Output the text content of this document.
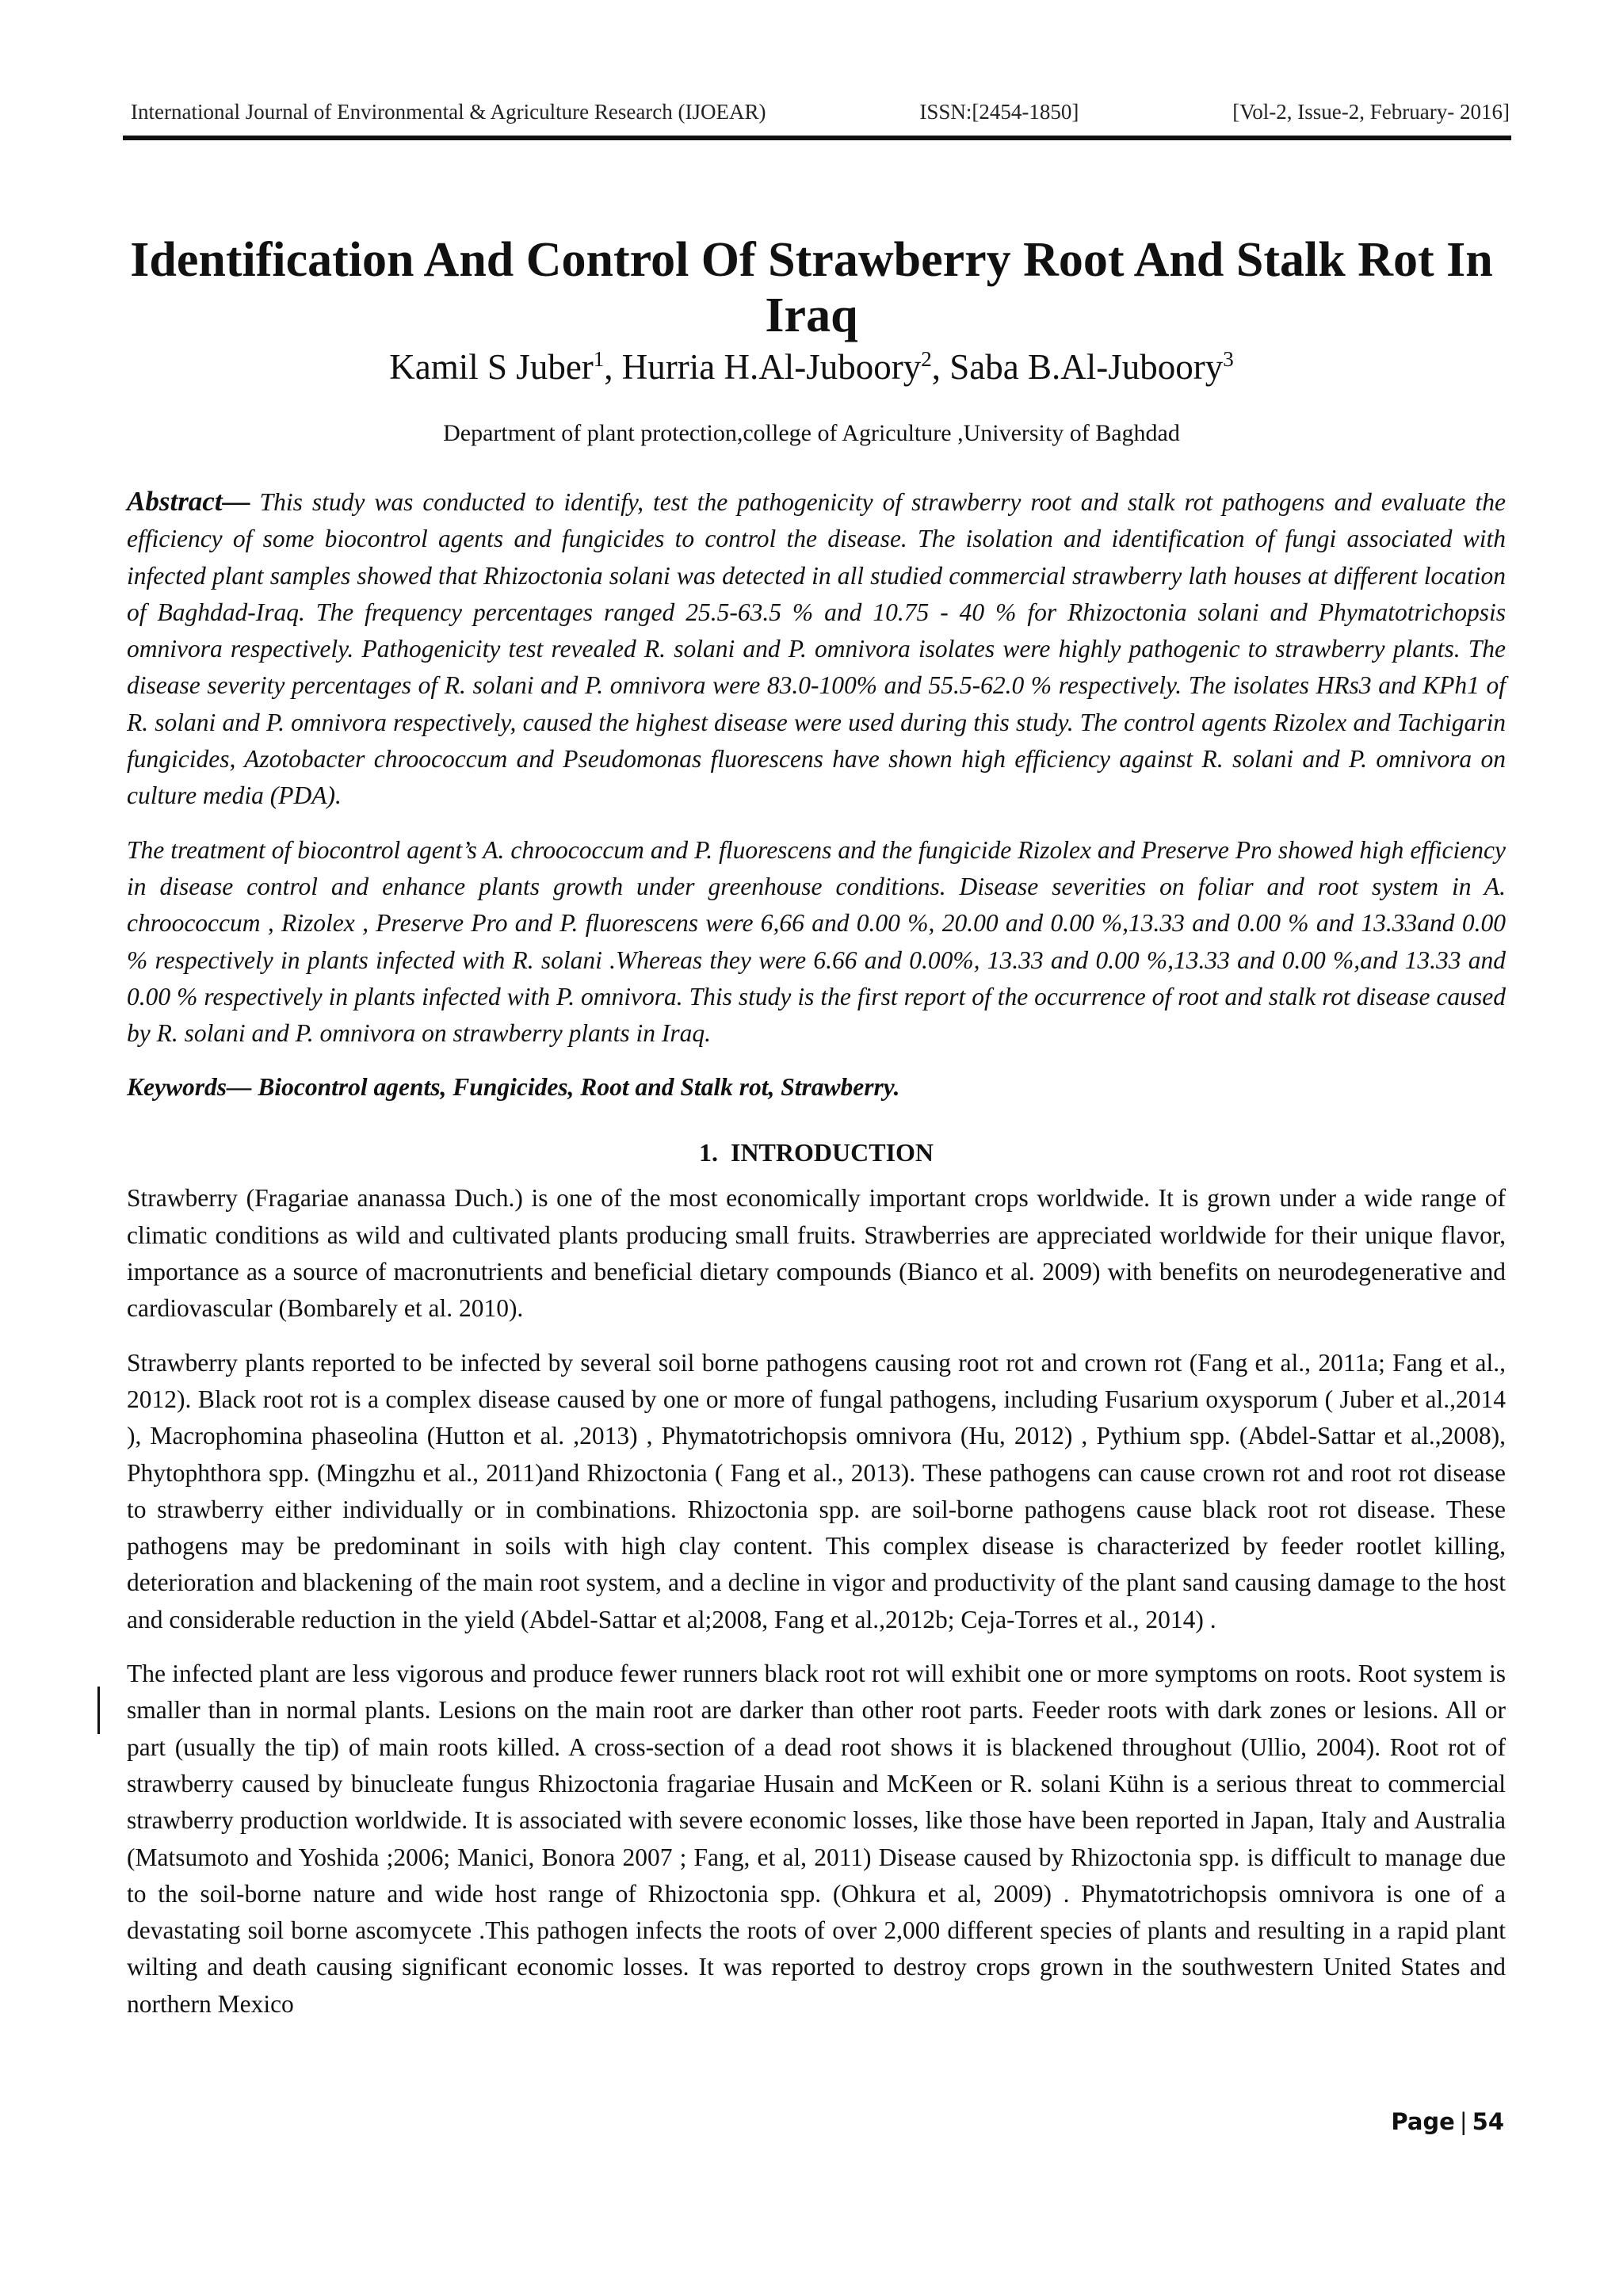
International Journal of Environmental & Agriculture Research (IJOEAR)	ISSN:[2454-1850]	[Vol-2, Issue-2, February- 2016]
Identification And Control Of Strawberry Root And Stalk Rot In Iraq
Kamil S Juber$^1$, Hurria H.Al-Juboory$^2$, Saba B.Al-Juboory$^3$
Department of plant protection,college of Agriculture ,University of Baghdad

Abstract— This study was conducted to identify, test the pathogenicity of strawberry root and stalk rot pathogens and evaluate the efficiency of some biocontrol agents and fungicides to control the disease. The isolation and identification of fungi associated with infected plant samples showed that Rhizoctonia solani was detected in all studied commercial strawberry lath houses at different location of Baghdad-Iraq. The frequency percentages ranged 25.5-63.5 % and 10.75 - 40 % for Rhizoctonia solani and Phymatotrichopsis omnivora respectively. Pathogenicity test revealed R. solani and P. omnivora isolates were highly pathogenic to strawberry plants. The disease severity percentages of R. solani and P. omnivora were 83.0-100% and 55.5-62.0 % respectively. The isolates HRs3 and KPh1 of R. solani and P. omnivora respectively, caused the highest disease were used during this study. The control agents Rizolex and Tachigarin fungicides, Azotobacter chroococcum and Pseudomonas fluorescens have shown high efficiency against R. solani and P. omnivora on culture media (PDA).

The treatment of biocontrol agent’s A. chroococcum and P. fluorescens and the fungicide Rizolex and Preserve Pro showed high efficiency in disease control and enhance plants growth under greenhouse conditions. Disease severities on foliar and root system in A. chroococcum , Rizolex , Preserve Pro and P. fluorescens were 6,66 and 0.00 %, 20.00 and 0.00 %,13.33 and 0.00 % and 13.33and 0.00 % respectively in plants infected with R. solani .Whereas they were 6.66 and 0.00%, 13.33 and 0.00 %,13.33 and 0.00 %,and 13.33 and 0.00 % respectively in plants infected with P. omnivora. This study is the first report of the occurrence of root and stalk rot disease caused by R. solani and P. omnivora on strawberry plants in Iraq.

Keywords— Biocontrol agents, Fungicides, Root and Stalk rot, Strawberry.

1. INTRODUCTION

Strawberry (Fragariae ananassa Duch.) is one of the most economically important crops worldwide. It is grown under a wide range of climatic conditions as wild and cultivated plants producing small fruits. Strawberries are appreciated worldwide for their unique flavor, importance as a source of macronutrients and beneficial dietary compounds (Bianco et al. 2009) with benefits on neurodegenerative and cardiovascular (Bombarely et al. 2010).

Strawberry plants reported to be infected by several soil borne pathogens causing root rot and crown rot (Fang et al., 2011a; Fang et al., 2012). Black root rot is a complex disease caused by one or more of fungal pathogens, including Fusarium oxysporum ( Juber et al.,2014 ), Macrophomina phaseolina (Hutton et al. ,2013) , Phymatotrichopsis omnivora (Hu, 2012) , Pythium spp. (Abdel-Sattar et al.,2008), Phytophthora spp. (Mingzhu et al., 2011)and Rhizoctonia ( Fang et al., 2013). These pathogens can cause crown rot and root rot disease to strawberry either individually or in combinations. Rhizoctonia spp. are soil-borne pathogens cause black root rot disease. These pathogens may be predominant in soils with high clay content. This complex disease is characterized by feeder rootlet killing, deterioration and blackening of the main root system, and a decline in vigor and productivity of the plant sand causing damage to the host and considerable reduction in the yield (Abdel-Sattar et al;2008, Fang et al.,2012b; Ceja-Torres et al., 2014) .

The infected plant are less vigorous and produce fewer runners black root rot will exhibit one or more symptoms on roots. Root system is smaller than in normal plants. Lesions on the main root are darker than other root parts. Feeder roots with dark zones or lesions. All or part (usually the tip) of main roots killed. A cross-section of a dead root shows it is blackened throughout (Ullio, 2004). Root rot of strawberry caused by binucleate fungus Rhizoctonia fragariae Husain and McKeen or R. solani Kühn is a serious threat to commercial strawberry production worldwide. It is associated with severe economic losses, like those have been reported in Japan, Italy and Australia (Matsumoto and Yoshida ;2006; Manici, Bonora 2007 ; Fang, et al, 2011) Disease caused by Rhizoctonia spp. is difficult to manage due to the soil-borne nature and wide host range of Rhizoctonia spp. (Ohkura et al, 2009) . Phymatotrichopsis omnivora is one of a devastating soil borne ascomycete .This pathogen infects the roots of over 2,000 different species of plants and resulting in a rapid plant wilting and death causing significant economic losses. It was reported to destroy crops grown in the southwestern United States and northern Mexico

Page | 54
